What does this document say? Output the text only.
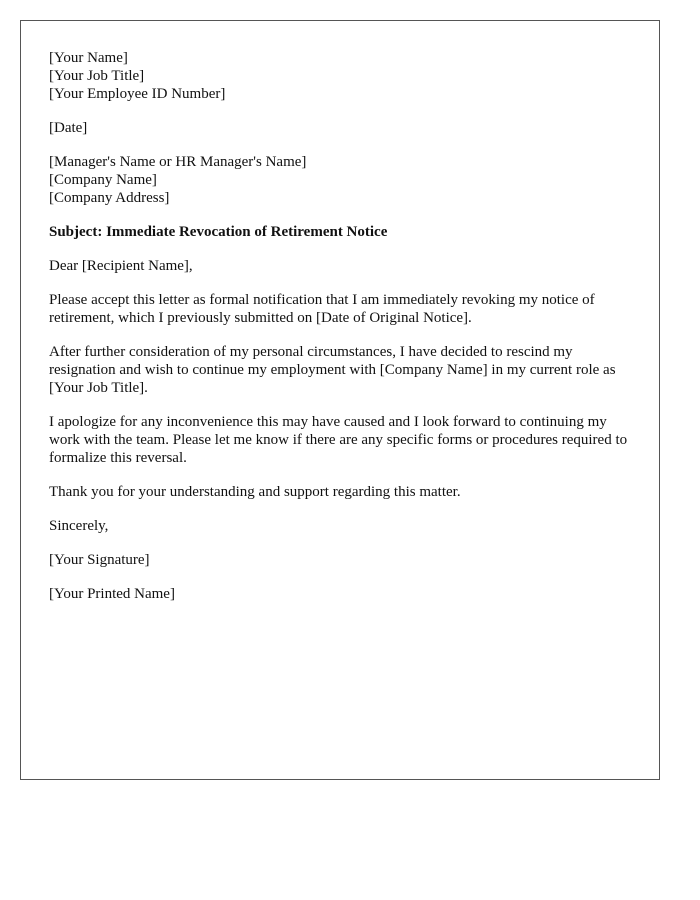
[Your Name]
[Your Job Title]
[Your Employee ID Number]
[Date]
[Manager's Name or HR Manager's Name]
[Company Name]
[Company Address]

Subject: Immediate Revocation of Retirement Notice

Dear [Recipient Name],

Please accept this letter as formal notification that I am immediately revoking my notice of retirement, which I previously submitted on [Date of Original Notice].

After further consideration of my personal circumstances, I have decided to rescind my resignation and wish to continue my employment with [Company Name] in my current role as [Your Job Title].

I apologize for any inconvenience this may have caused and I look forward to continuing my work with the team. Please let me know if there are any specific forms or procedures required to formalize this reversal.

Thank you for your understanding and support regarding this matter.

Sincerely,

[Your Signature]

[Your Printed Name]
